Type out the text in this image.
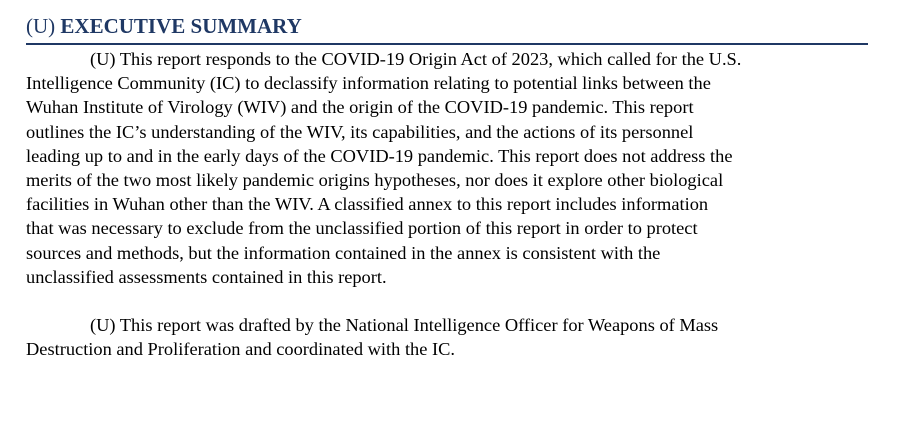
(U) EXECUTIVE SUMMARY

(U) This report responds to the COVID-19 Origin Act of 2023, which called for the U.S.
Intelligence Community (IC) to declassify information relating to potential links between the
Wuhan Institute of Virology (WIV) and the origin of the COVID-19 pandemic. This report
outlines the IC’s understanding of the WIV, its capabilities, and the actions of its personnel
leading up to and in the early days of the COVID-19 pandemic. This report does not address the
merits of the two most likely pandemic origins hypotheses, nor does it explore other biological
facilities in Wuhan other than the WIV. A classified annex to this report includes information
that was necessary to exclude from the unclassified portion of this report in order to protect
sources and methods, but the information contained in the annex is consistent with the
unclassified assessments contained in this report.

(U) This report was drafted by the National Intelligence Officer for Weapons of Mass
Destruction and Proliferation and coordinated with the IC.
